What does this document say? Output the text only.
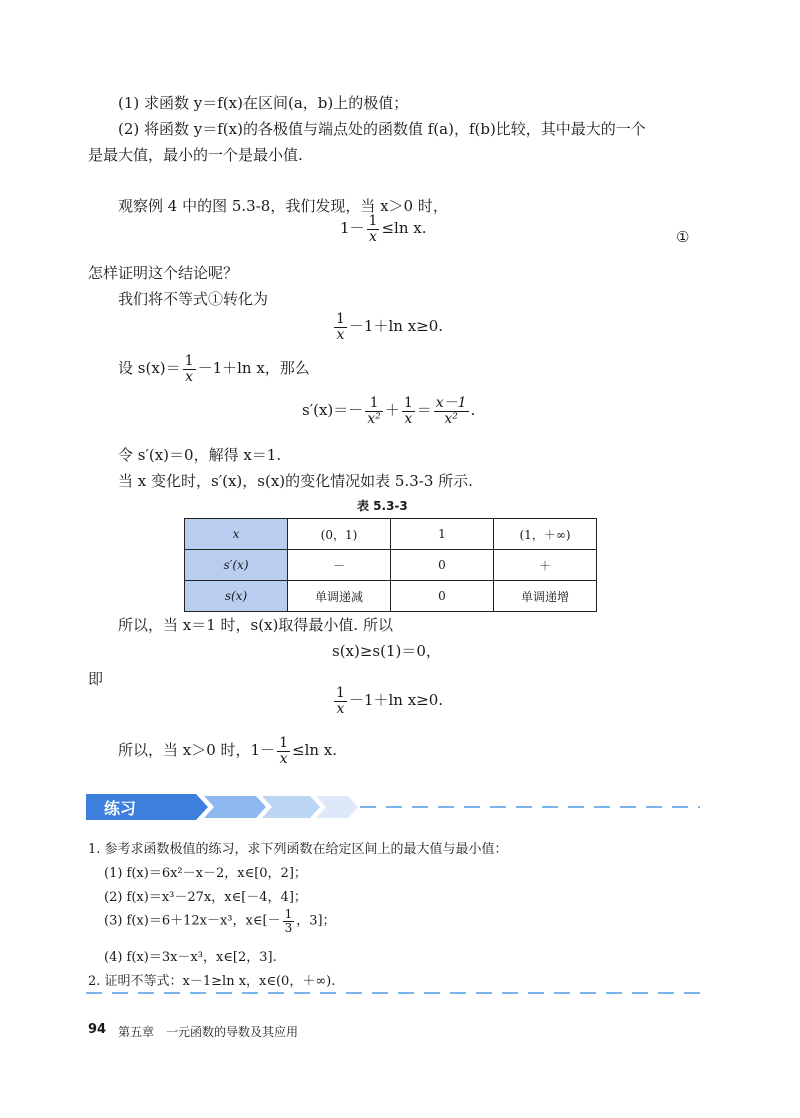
(1) 求函数 y＝f(x)在区间(a，b)上的极值；
(2) 将函数 y＝f(x)的各极值与端点处的函数值 f(a)，f(b)比较，其中最大的一个
是最大值，最小的一个是最小值.
观察例 4 中的图 5.3-8，我们发现，当 x＞0 时，
$1- \frac{1}{x} \le\ln$ x.	①
怎样证明这个结论呢？
我们将不等式①转化为
$\frac{1}{x} -1+\ln$ x≥0.
设 $s(x)= \frac{1}{x} -1+\ln$ x，那么
$s'(x)=- \frac{1}{\text{x²}} + \frac{1}{x} = \frac{x-1}{\text{x²}}$ .
令 s′(x)＝0，解得 x＝1.
当 x 变化时，s′(x)，s(x)的变化情况如表 5.3-3 所示.
表 5.3-3
x	(0，1)	1	(1，＋∞)
s′(x)	－	0	＋
s(x)	单调递减	0	单调递增
所以，当 x＝1 时，s(x)取得最小值. 所以
s(x)≥s(1)＝0，
即
$\frac{1}{x} -1+\ln$ x≥0.
所以，当 x＞0 时，$1- \frac{1}{x} \le\ln$ x.
练习
1. 参考求函数极值的练习，求下列函数在给定区间上的最大值与最小值：
(1) f(x)＝6x²－x－2，x∈[0，2]；
(2) f(x)＝x³－27x，x∈[－4，4]；
(3) f(x)＝6＋12x－x³，x∈[－ $\frac{1}{3}$ ，3]；
(4) f(x)＝3x－x³，x∈[2，3].
2. 证明不等式：x－1≥ln x，x∈(0，＋∞).
94 第五章　一元函数的导数及其应用
